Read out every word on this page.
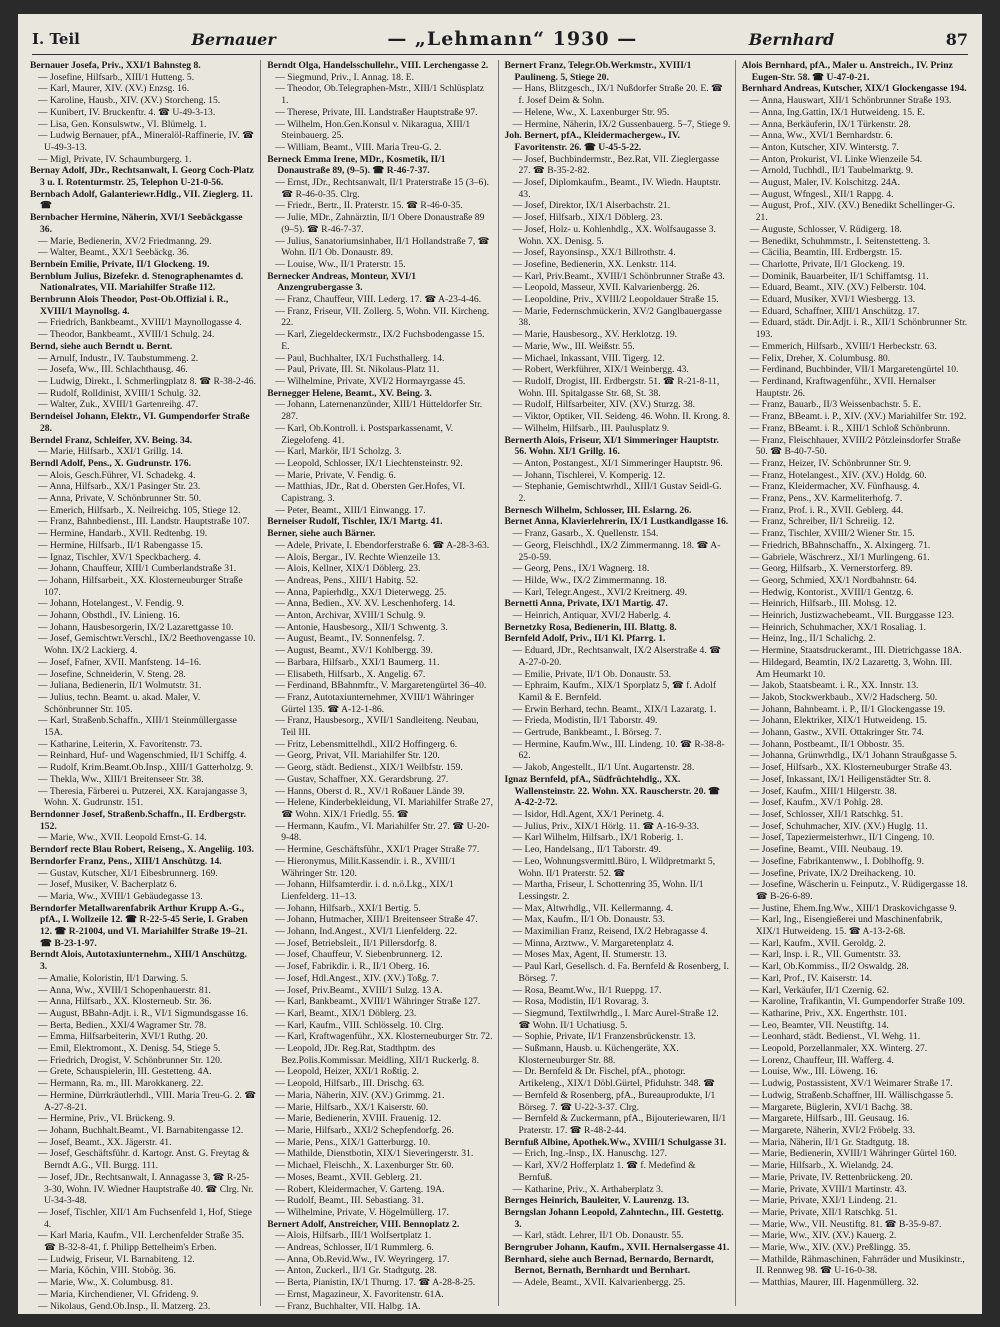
I. Teil	Bernauer	— „Lehmann“ 1930 —	Bernhard	87

Bernauer Josefa, Priv., XXI/1 Bahnsteg 8.

— Josefine, Hilfsarb., XIII/1 Hutteng. 5.

— Karl, Maurer, XIV. (XV.) Enzsg. 16.

— Karoline, Hausb., XIV. (XV.) Storcheng. 15.

— Kunibert, IV. Bruckenftr. 4. ☎ U-49-3-13.

— Lisa, Gen. Konsulswtw., VI. Blümelg. 1.

— Ludwig Bernauer, pfA., Mineralöl-Raffinerie, IV. ☎ U-49-3-13.

— Migl, Private, IV. Schaumburgerg. 1.

Bernay Adolf, JDr., Rechtsanwalt, I. Georg Coch-Platz 3 u. I. Rotenturmstr. 25, Telephon U-21-0-56.

Bernbach Adolf, Galanteriewr.Hdlg., VII. Zieglerg. 11. ☎

Bernbacher Hermine, Näherin, XVI/1 Seebäckgasse 36.

— Marie, Bedienerin, XV/2 Friedmanng. 29.

— Walter, Beamt., XX/1 Seebäckg. 36.

Bernbein Emilie, Private, II/1 Glockeng. 19.

Bernblum Julius, Bizefekr. d. Stenographenamtes d. Nationalrates, VII. Mariahilfer Straße 112.

Bernbrunn Alois Theodor, Post-Ob.Offizial i. R., XVIII/1 Maynollsg. 4.

— Friedrich, Bankbeamt., XVIII/1 Maynollogasse 4.

— Theodor, Bankbeamt., XVIII/1 Schulg. 24.

Bernd, siehe auch Berndt u. Bernt.

— Arnulf, Industr., IV. Taubstummeng. 2.

— Josefa, Ww., III. Schlachthausg. 46.

— Ludwig, Direkt., I. Schmerlingplatz 8. ☎ R-38-2-46.

— Rudolf, Rolldinist, XVIII/1 Schulg. 32.

— Walter, Zuk., XVIII/1 Gartenreihg. 47.

Berndeisel Johann, Elektr., VI. Gumpendorfer Straße 28.

Berndel Franz, Schleifer, XV. Being. 34.

— Marie, Hilfsarb., XXI/1 Grillg. 14.

Berndl Adolf, Pens., X. Gudrunstr. 176.

— Alois, Gesch.Führer, VI. Schadekg. 4.

— Anna, Hilfsarb., XX/1 Pasinger Str. 23.

— Anna, Private, V. Schönbrunner Str. 50.

— Emerich, Hilfsarb., X. Neilreichg. 105, Stiege 12.

— Franz, Bahnbedienst., III. Landstr. Hauptstraße 107.

— Hermine, Handarb., XVII. Redtenbg. 19.

— Hermine, Hilfsarb., II/1 Rabengasse 15.

— Ignaz, Tischler, XV/1 Speckbacherg. 4.

— Johann, Chauffeur, XIII/1 Cumberlandstraße 31.

— Johann, Hilfsarbeit., XX. Klosterneuburger Straße 107.

— Johann, Hotelangest., V. Fendig. 9.

— Johann, Obsthdl., IV. Linieng. 16.

— Johann, Hausbesorgerin, IX/2 Lazarettgasse 10.

— Josef, Gemischtwr.Verschl., IX/2 Beethovengasse 10. Wohn. IX/2 Lackierg. 4.

— Josef, Fafner, XVII. Manfsteng. 14–16.

— Josefine, Schneiderin, V. Steng. 28.

— Juliana, Bedienerin, II/1 Wolmutstr. 31.

— Julius, techn. Beamt. u. akad. Maler, V. Schönbrunner Str. 105.

— Karl, Straßenb.Schaffn., XIII/1 Steinmüllergasse 15A.

— Katharine, Leiterin, X. Favoritenstr. 73.

— Reinhard, Huf- und Wagenschmied, II/1 Schiffg. 4.

— Rudolf, Krim.Beamt.Ob.Insp., XIII/1 Gatterholzg. 9.

— Thekla, Ww., XIII/1 Breitenseer Str. 38.

— Theresia, Färberei u. Putzerei, XX. Karajangasse 3, Wohn. X. Gudrunstr. 151.

Berndonner Josef, Straßenb.Schaffn., II. Erdbergstr. 152.

— Marie, Ww., XVII. Leopold Ernst-G. 14.

Berndorf recte Blau Robert, Reiseng., X. Angeliig. 103.

Berndorfer Franz, Pens., XIII/1 Anschützg. 14.

— Gustav, Kutscher, XI/1 Eibesbrunnerg. 169.

— Josef, Musiker, V. Bacherplatz 6.

— Maria, Ww., XVIII/1 Gebäudegasse 13.

Berndorfer Metallwarenfabrik Arthur Krupp A.-G., pfA., I. Wollzeile 12. ☎ R-22-5-45 Serie, I. Graben 12. ☎ R-21004, und VI. Mariahilfer Straße 19–21. ☎ B-23-1-97.

Berndt Alois, Autotaxiunternehm., XIII/1 Anschützg. 3.

— Amalie, Koloristin, II/1 Darwing. 5.

— Anna, Ww., XVIII/1 Schopenhauerstr. 81.

— Anna, Hilfsarb., XX. Klosterneub. Str. 36.

— August, BBahn-Adjt. i. R., VI/1 Sigmundsgasse 16.

— Berta, Bedien., XXI/4 Wagramer Str. 78.

— Emma, Hilfsarbeiterin, XVI/1 Ruthg. 20.

— Emil, Elektromont., X. Denisg. 54, Stiege 5.

— Friedrich, Drogist, V. Schönbrunner Str. 120.

— Grete, Schauspielerin, III. Gestetteng. 4A.

— Hermann, Ra. m., III. Marokkanerg. 22.

— Hermine, Dürrkräutlerhdl., VIII. Maria Treu-G. 2. ☎ A-27-8-21.

— Hermine, Priv., VI. Brückeng. 9.

— Johann, Buchhalt.Beamt., VI. Barnabitengasse 12.

— Josef, Beamt., XX. Jägerstr. 41.

— Josef, Geschäftsführ. d. Kartogr. Anst. G. Freytag & Berndt A.G., VII. Burgg. 111.

— Josef, JDr., Rechtsanwalt, I. Annagasse 3, ☎ R-25-3-30, Wohn. IV. Wiedner Hauptstraße 40. ☎ Clrg. Nr. U-34-3-48.

— Josef, Tischler, XII/1 Am Fuchsenfeld 1, Hof, Stiege 4.

— Karl Maria, Kaufm., VII. Lerchenfelder Straße 35. ☎ B-32-8-41, f. Philipp Bettelheim's Erben.

— Ludwig, Friseur, VI. Barnabiteng. 12.

— Maria, Köchin, VIII. Stobög. 36.

— Marie, Ww., X. Columbusg. 81.

— Maria, Kirchendiener, VI. Gfrideng. 9.

— Nikolaus, Gend.Ob.Insp., II. Matzerg. 23.

Berndt Olga, Handelsschullehr., VIII. Lerchengasse 2.

— Siegmund, Priv., I. Annag. 18. E.

— Theodor, Ob.Telegraphen-Mstr., XIII/1 Schlüsplatz 1.

— Therese, Private, III. Landstraßer Hauptstraße 97.

— Wilhelm, Hon.Gen.Konsul v. Nikaragua, XIII/1 Steinbauerg. 25.

— William, Beamt., VIII. Maria Treu-G. 2.

Berneck Emma Irene, MDr., Kosmetik, II/1 Donaustraße 89, (9–5). ☎ R-46-7-37.

— Ernst, JDr., Rechtsanwalt, II/1 Praterstraße 15 (3–6). ☎ R-46-0-35. Clrg.

— Friedr., Bertr., II. Praterstr. 15. ☎ R-46-0-35.

— Julie, MDr., Zahnärztin, II/1 Obere Donaustraße 89 (9–5). ☎ R-46-7-37.

— Julius, Sanatoriumsinhaber, II/1 Hollandstraße 7, ☎ Wohn. II/1 Ob. Donaustr. 89.

— Louise, Ww., II/1 Praterstr. 15.

Bernecker Andreas, Monteur, XVI/1 Anzengrubergasse 3.

— Franz, Chauffeur, VIII. Lederg. 17. ☎ A-23-4-46.

— Franz, Friseur, VII. Zollerg. 5, Wohn. VII. Kircheng. 22.

— Karl, Ziegeldeckermstr., IX/2 Fuchsbodengasse 15. E.

— Paul, Buchhalter, IX/1 Fuchsthallerg. 14.

— Paul, Private, III. St. Nikolaus-Platz 11.

— Wilhelmine, Private, XVI/2 Hormayrgasse 45.

Bernegger Helene, Beamt., XV. Being. 3.

— Johann, Laternenanzünder, XIII/1 Hütteldorfer Str. 287.

— Karl, Ob.Kontroll. i. Postsparkassenamt, V. Ziegelofeng. 41.

— Karl, Markör, II/1 Scholzg. 3.

— Leopold, Schlosser, IX/1 Liechtensteinstr. 92.

— Marie, Private, V. Fendig. 6.

— Matthias, JDr., Rat d. Obersten Ger.Hofes, VI. Capistrang. 3.

— Peter, Beamt., XIII/1 Einwangg. 17.

Berneiser Rudolf, Tischler, IX/1 Martg. 41.

Berner, siehe auch Bärner.

— Adele, Private, I. Ebendorferstraße 6. ☎ A-28-3-63.

— Alois, Bergar., IV. Rechte Wienzeile 13.

— Alois, Kellner, XIX/1 Döblerg. 23.

— Andreas, Pens., XIII/1 Habitg. 52.

— Anna, Papierhdlg., XX/1 Dieterwegg. 25.

— Anna, Bedien., XV. XV. Leschenhoferg. 14.

— Anton, Archivar, XVIII/1 Schulg. 9.

— Antonie, Hausbesorg., XII/1 Schwentg. 3.

— August, Beamt., IV. Sonnenfelsg. 7.

— August, Beamt., XV/1 Kohlbergg. 39.

— Barbara, Hilfsarb., XXI/1 Baumerg. 11.

— Elisabeth, Hilfsarb., X. Angelig. 67.

— Ferdinand, BBahnmftr., V. Margaretengürtel 36–40.

— Franz, Autotaxiunternehmer, XVIII/1 Währinger Gürtel 135. ☎ A-12-1-86.

— Franz, Hausbesorg., XVII/1 Sandleiteng. Neubau, Teil III.

— Fritz, Lebensmittelhdl., XII/2 Hoffingerg. 6.

— Georg, Privat, VII. Mariahilfer Str. 120.

— Georg, städt. Bedienst., XIX/1 Weilbfstr. 159.

— Gustav, Schaffner, XX. Gerardsbrung. 27.

— Hanns, Oberst d. R., XV/1 Roßauer Lände 39.

— Helene, Kinderbekleidung, VI. Mariahilfer Straße 27, ☎ Wohn. XIX/1 Friedlg. 55. ☎

— Hermann, Kaufm., VI. Mariahilfer Str. 27. ☎ U-20-9-48.

— Hermine, Geschäftsführ., XXI/1 Prager Straße 77.

— Hieronymus, Milit.Kassendir. i. R., XVIII/1 Währinger Str. 120.

— Johann, Hilfsamterdir. i. d. n.ö.Lkg., XIX/1 Lienfelderg. 11–13.

— Johann, Hilfsarb., XXI/1 Bertig. 5.

— Johann, Hutmacher, XIII/1 Breitenseer Straße 47.

— Johann, Ind.Angest., XVI/1 Lienfelderg. 22.

— Josef, Betriebsleit., II/1 Pillersdorfg. 8.

— Josef, Chauffeur, V. Siebenbrunnerg. 12.

— Josef, Fabrikdir. i. R., II/1 Oberg. 16.

— Josef, Hdl.Angest., XIV. (XV.) Toßg. 7.

— Josef, Priv.Beamt., XVIII/1 Sulzg. 13 A.

— Karl, Bankbeamt., XVIII/1 Währinger Straße 127.

— Karl, Beamt., XIX/1 Döblerg. 23.

— Karl, Kaufm., VIII. Schlösselg. 10. Clrg.

— Karl, Kraftwagenführ., XX. Klosterneuburger Str. 72.

— Leopold, JDr. Reg.Rat, Stadthptm. des Bez.Polis.Kommissar. Meidling, XII/1 Ruckerlg. 8.

— Leopold, Heizer, XXI/1 Roßtig. 2.

— Leopold, Hilfsarb., III. Drischg. 63.

— Maria, Näherin, XIV. (XV.) Grimmg. 21.

— Marie, Hilfsarb., XX/1 Kaiserstr. 60.

— Marie, Bedienerin, XVIII. Frauenig. 12.

— Marie, Hilfsarb., XXI/2 Schepfendorfg. 26.

— Marie, Pens., XIX/1 Gatterburgg. 10.

— Mathilde, Dienstbotin, XIX/1 Sieveringerstr. 31.

— Michael, Fleischh., X. Laxenburger Str. 60.

— Moses, Beamt., XVII. Geblerg. 21.

— Robert, Kleidermacher, V. Garteng. 19A.

— Rudolf, Beamt., III. Sebastiang. 31.

— Wilhelmine, Private, V. Högelmüllerg. 17.

Bernert Adolf, Anstreicher, VIII. Bennoplatz 2.

— Alois, Hilfsarb., III/1 Wolfsertplatz 1.

— Andreas, Schlosser, II/1 Rummlerg. 6.

— Anna, Ob.Revid.Ww., IV. Weyringerg. 17.

— Anton, Zuckerl., II/1 Gr. Stadtgutg. 28.

— Berta, Pianistin, IX/1 Thurng. 17. ☎ A-28-8-25.

— Ernst, Magazineur, X. Favoritenstr. 61A.

— Franz, Buchhalter, VII. Halbg. 1A.

Bernert Franz, Telegr.Ob.Werkmstr., XVIII/1 Paulineng. 5, Stiege 20.

— Hans, Blitzgesch., IX/1 Nußdorfer Straße 20. E. ☎ f. Josef Deim & Sohn.

— Helene, Ww., X. Laxenburger Str. 95.

— Hermine, Näherin, IX/2 Gussenbauerg. 5–7, Stiege 9.

Joh. Bernert, pfA., Kleidermachergew., IV. Favoritenstr. 26. ☎ U-45-5-22.

— Josef, Buchbindermstr., Bez.Rat, VII. Zieglergasse 27. ☎ B-35-2-82.

— Josef, Diplomkaufm., Beamt., IV. Wiedn. Hauptstr. 43.

— Josef, Direktor, IX/1 Alserbachstr. 21.

— Josef, Hilfsarb., XIX/1 Döblerg. 23.

— Josef, Holz- u. Kohlenhdlg., XX. Wolfsaugasse 3. Wohn. XX. Denisg. 5.

— Josef, Rayonsinsp., XX/1 Billrothstr. 4.

— Josefine, Bedienerin, XX. Lenkstr. 114.

— Karl, Priv.Beamt., XVIII/1 Schönbrunner Straße 43.

— Leopold, Masseur, XVII. Kalvarienbergg. 26.

— Leopoldine, Priv., XVIII/2 Leopoldauer Straße 15.

— Marie, Federnschmückerin, XV/2 Ganglbauergasse 38.

— Marie, Hausbesorg., XV. Herklotzg. 19.

— Marie, Ww., III. Weißstr. 55.

— Michael, Inkassant, VIII. Tigerg. 12.

— Robert, Werkführer, XIX/1 Weinbergg. 43.

— Rudolf, Drogist, III. Erdbergstr. 51. ☎ R-21-8-11, Wohn. III. Spitalgasse Str. 68, St. 38.

— Rudolf, Hilfsarbeiter, XIV. (XV.) Sturzg. 38.

— Viktor, Optiker, VII. Seideng. 46. Wohn. II. Krong. 8.

— Wilhelm, Hilfsarb., III. Paulusplatz 9.

Bernerth Alois, Friseur, XI/1 Simmeringer Hauptstr. 56. Wohn. XI/1 Grillg. 16.

— Anton, Postangest., XI/1 Simmeringer Hauptstr. 96.

— Johann, Tischlerei, V. Komperig. 12.

— Stephanie, Gemischtwrhdl., XIII/1 Gustav Seidl-G. 2.

Bernesch Wilhelm, Schlosser, III. Eslarng. 26.

Bernet Anna, Klavierlehrerin, IX/1 Lustkandlgasse 16.

— Franz, Gasarb., X. Quellenstr. 154.

— Georg, Fleischhdl., IX/2 Zimmermanng. 18. ☎ A-25-0-59.

— Georg, Pens., IX/1 Wagnerg. 18.

— Hilde, Ww., IX/2 Zimmermanng. 18.

— Karl, Telegr.Angest., XVI/2 Kreitnerg. 49.

Bernetti Anna, Private, IX/1 Martig. 47.

— Heinrich, Antiquar, XVI/2 Haberlg. 4.

Bernetzky Rosa, Bedienerin, III. Blattg. 8.

Bernfeld Adolf, Priv., II/1 Kl. Pfarrg. 1.

— Eduard, JDr., Rechtsanwalt, IX/2 Alserstraße 4. ☎ A-27-0-20.

— Emilie, Private, II/1 Ob. Donaustr. 53.

— Ephraim, Kaufm., XIX/1 Sporplatz 5, ☎ f. Adolf Kamil & E. Bernfeld.

— Erwin Berhard, techn. Beamt., XIX/1 Lazaratg. 1.

— Frieda, Modistin, II/1 Taborstr. 49.

— Gertrude, Bankbeamt., I. Börseg. 7.

— Hermine, Kaufm.Ww., III. Lindeng. 10. ☎ R-38-8-62.

— Jakob, Angestellt., II/1 Unt. Augartenstr. 28.

Ignaz Bernfeld, pfA., Südfrüchtehdlg., XX. Wallensteinstr. 22. Wohn. XX. Rauscherstr. 20. ☎ A-42-2-72.

— Isidor, Hdl.Agent, XX/1 Perinetg. 4.

— Julius, Priv., XIX/1 Hörlg. 11. ☎ A-16-9-33.

— Karl Wilhelm, Hilfsarb., IX/1 Roberig. 1.

— Leo, Handelsang., II/1 Taborstr. 49.

— Leo, Wohnungsvermittl.Büro, I. Wildpretmarkt 5, Wohn. II/1 Praterstr. 52. ☎

— Martha, Friseur, I. Schottenring 35, Wohn. II/1 Lessingstr. 2.

— Max, Altwrhdlg., VII. Kellermanng. 4.

— Max, Kaufm., II/1 Ob. Donaustr. 53.

— Maximilian Franz, Reisend, IX/2 Hebragasse 4.

— Minna, Arztww., V. Margaretenplatz 4.

— Moses Max, Agent, II. Stumerstr. 13.

— Paul Karl, Gesellsch. d. Fa. Bernfeld & Rosenberg, I. Börseg. 7.

— Rosa, Beamt.Ww., II/1 Rueppg. 17.

— Rosa, Modistin, II/1 Rovarag. 3.

— Siegmund, Textilwrhdlg., I. Marc Aurel-Straße 12. ☎ Wohn. II/1 Uchatiusg. 5.

— Sophie, Private, II/1 Franzensbrückenstr. 13.

— Sußmann, Hausb. u. Küchengeräte, XX. Klosterneuburger Str. 88.

— Dr. Bernfeld & Dr. Fischel, pfA., photogr. Artikeleng., XIX/1 Döbl.Gürtel, Pfiduhstr. 348. ☎

— Bernfeld & Rosenberg, pfA., Bureauprodukte, I/1 Börseg. 7. ☎ U-22-3-37. Clrg.

— Bernfeld & Zuckermann, pfA., Bijouteriewaren, II/1 Praterstr. 17. ☎ R-48-2-44.

Bernfuß Albine, Apothek.Ww., XVIII/1 Schulgasse 31.

— Erich, Ing.-Insp., IX. Hanuschg. 127.

— Karl, XV/2 Hofferplatz 1. ☎ f. Medefind & Bernfuß.

— Katharine, Priv., X. Arthaberplatz 3.

Bernges Heinrich, Bauleiter, V. Laurenzg. 13.

Berngslan Johann Leopold, Zahntechn., III. Gestettg. 3.

— Karl, städt. Lehrer, II/1 Ob. Donaustr. 55.

Berngruber Johann, Kaufm., XVII. Hernalsergasse 41.

Bernhard, siehe auch Bernad, Bernardo, Bernardt, Bernot, Bernath, Bernhardt und Bernhart.

— Adele, Beamt., XVII. Kalvarienbergg. 25.

Alois Bernhard, pfA., Maler u. Anstreich., IV. Prinz Eugen-Str. 58. ☎ U-47-0-21.

Bernhard Andreas, Kutscher, XIX/1 Glockengasse 194.

— Anna, Hauswart, XII/1 Schönbrunner Straße 193.

— Anna, Ing.Gattin, IX/1 Hutweideng. 15. E.

— Anna, Berkäuferin, IX/1 Türkenstr. 28.

— Anna, Ww., XVI/1 Bernhardstr. 6.

— Anton, Kutscher, XIV. Winterstg. 7.

— Anton, Prokurist, VI. Linke Wienzeile 54.

— Arnold, Tuchhdl., II/1 Taubelmarktg. 9.

— August, Maler, IV. Kolschitzg. 24A.

— August, Wfngesl., XII/1 Rappg. 4.

— August, Prof., XIV. (XV.) Benedikt Schellinger-G. 21.

— Auguste, Schlosser, V. Rüdigerg. 18.

— Benedikt, Schuhmmstr., I. Seitenstetteng. 3.

— Cäcilia, Beamtin, III. Erdbergstr. 15.

— Charlotte, Private, II/1 Glockeng. 19.

— Dominik, Bauarbeiter, II/1 Schiffamtsg. 11.

— Eduard, Beamt., XIV. (XV.) Felberstr. 104.

— Eduard, Musiker, XVI/1 Wiesbergg. 13.

— Eduard, Schaffner, XIII/1 Anschützg. 17.

— Eduard, städt. Dir.Adjt. i. R., XII/1 Schönbrunner Str. 193.

— Emmerich, Hilfsarb., XVIII/1 Herbeckstr. 63.

— Felix, Dreher, X. Columbusg. 80.

— Ferdinand, Buchbinder, VII/1 Margaretengürtel 10.

— Ferdinand, Kraftwagenführ., XVII. Hernalser Hauptstr. 26.

— Franz, Bauarb., II/3 Weissenbachstr. 5. E.

— Franz, BBeamt. i. P., XIV. (XV.) Mariahilfer Str. 192.

— Franz, BBeamt. i. R., XIII/1 Schloß Schönbrunn.

— Franz, Fleischhauer, XVIII/2 Pötzleinsdorfer Straße 50. ☎ B-40-7-50.

— Franz, Heizer, IV. Schönbrunner Str. 9.

— Franz, Hotelangest., XIV. (XV.) Holdg. 60.

— Franz, Kleidermacher, XV. Fünfhausg. 4.

— Franz, Pens., XV. Karmeliterhofg. 7.

— Franz, Prof. i. R., XVII. Geblerg. 44.

— Franz, Schreiber, II/1 Schreiig. 12.

— Franz, Tischler, XVIII/2 Wiener Str. 15.

— Friedrich, BBahnschaffn., X. Alxingerg. 71.

— Gabriele, Wäschrerz., XI/1 Murlingeng. 61.

— Georg, Hilfsarb., X. Vernerstorferg. 89.

— Georg, Schmied, XX/1 Nordbahnstr. 64.

— Hedwig, Kontorist., XVIII/1 Gentzg. 6.

— Heinrich, Hilfsarb., III. Mohsg. 12.

— Heinrich, Justizwachebeamt., VII. Burggasse 123.

— Heinrich, Schuhmacher, XX/1 Rosaliag. 1.

— Heinz, Ing., II/1 Schalichg. 2.

— Hermine, Staatsdruckeramt., III. Dietrichgasse 18A.

— Hildegard, Beamtin, IX/2 Lazarettg. 3, Wohn. III. Am Heumarkt 10.

— Jakob, Staatsbeamt. i. R., XX. Innstr. 13.

— Jakob, Stockwerkbaub., XV/2 Hadscherg. 50.

— Johann, Bahnbeamt. i. P., II/1 Glockengasse 19.

— Johann, Elektriker, XIX/1 Hutweideng. 15.

— Johann, Gastw., XVII. Ottakringer Str. 74.

— Johann, Postbeamt., II/1 Obbostr. 35.

— Johanna, Grünwrhdlg., IX/1 Johann Straußgasse 5.

— Josef, Hilfsarb., XX. Klosterneuburger Straße 43.

— Josef, Inkassant, IX/1 Heiligenstädter Str. 8.

— Josef, Kaufm., XIII/1 Hilgerstr. 38.

— Josef, Kaufm., XV/1 Pohlg. 28.

— Josef, Schlosser, XII/1 Ratschkg. 51.

— Josef, Schuhmacher, XIV. (XV.) Huglg. 11.

— Josef, Tapeziermeisterhwr., II/1 Cingeng. 10.

— Josefine, Beamt., VIII. Neubaug. 19.

— Josefine, Fabrikantenww., I. Doblhoffg. 9.

— Josefine, Private, IX/2 Dreihackeng. 10.

— Josefine, Wäscherin u. Feinputz., V. Rüdigergasse 18. ☎ B-26-6-89.

— Justine, Ehem.Ing.Ww., XIII/1 Draskovichgasse 9.

— Karl, Ing., Eisengießerei und Maschinenfabrik, XIX/1 Hutweideng. 15. ☎ A-13-2-68.

— Karl, Kaufm., XVII. Geroldg. 2.

— Karl, Insp. i. R., VII. Gumentstr. 33.

— Karl, Ob.Kommiss., II/2 Oswaldg. 28.

— Karl, Prof., IV. Kaiserstr. 14.

— Karl, Verkäufer, II/1 Czernig. 62.

— Karoline, Trafikantin, VI. Gumpendorfer Straße 109.

— Katharine, Priv., XX. Engerthstr. 101.

— Leo, Beamter, VII. Neustiftg. 14.

— Leonhard, städt. Bedienst., VI. Wehg. 11.

— Leopold, Porzellanmaler, XX. Winterg. 27.

— Lorenz, Chauffeur, III. Wafferg. 4.

— Louise, Ww., III. Löweng. 16.

— Ludwig, Postassistent, XV/1 Weimarer Straße 17.

— Ludwig, Straßenb.Schaffner, III. Wällischgasse 5.

— Margarete, Büglerin, XVI/1 Bachg. 38.

— Margarete, Hilfsarb., III. Geusaug. 16.

— Margarete, Näherin, XVI/2 Fröbelg. 33.

— Maria, Näherin, II/1 Gr. Stadtgutg. 18.

— Marie, Bedienerin, XVIII/1 Währinger Gürtel 160.

— Marie, Hilfsarb., X. Wielandg. 24.

— Marie, Private, IV. Rettenbrückeng. 20.

— Marie, Private, XVIII/1 Martinstr. 43.

— Marie, Private, XXI/1 Lindeng. 21.

— Marie, Private, XII/1 Ratschkg. 51.

— Marie, Ww., VII. Neustiftg. 81. ☎ B-35-9-87.

— Marie, Ww., XIV. (XV.) Kauerg. 2.

— Marie, Ww., XIV. (XV.) Preßlingg. 35.

— Mathilde, Rähmaschinen, Fahrräder und Musikinstr., II. Rennweg 98. ☎ U-16-0-38.

— Matthias, Maurer, III. Hagenmüllerg. 32.
